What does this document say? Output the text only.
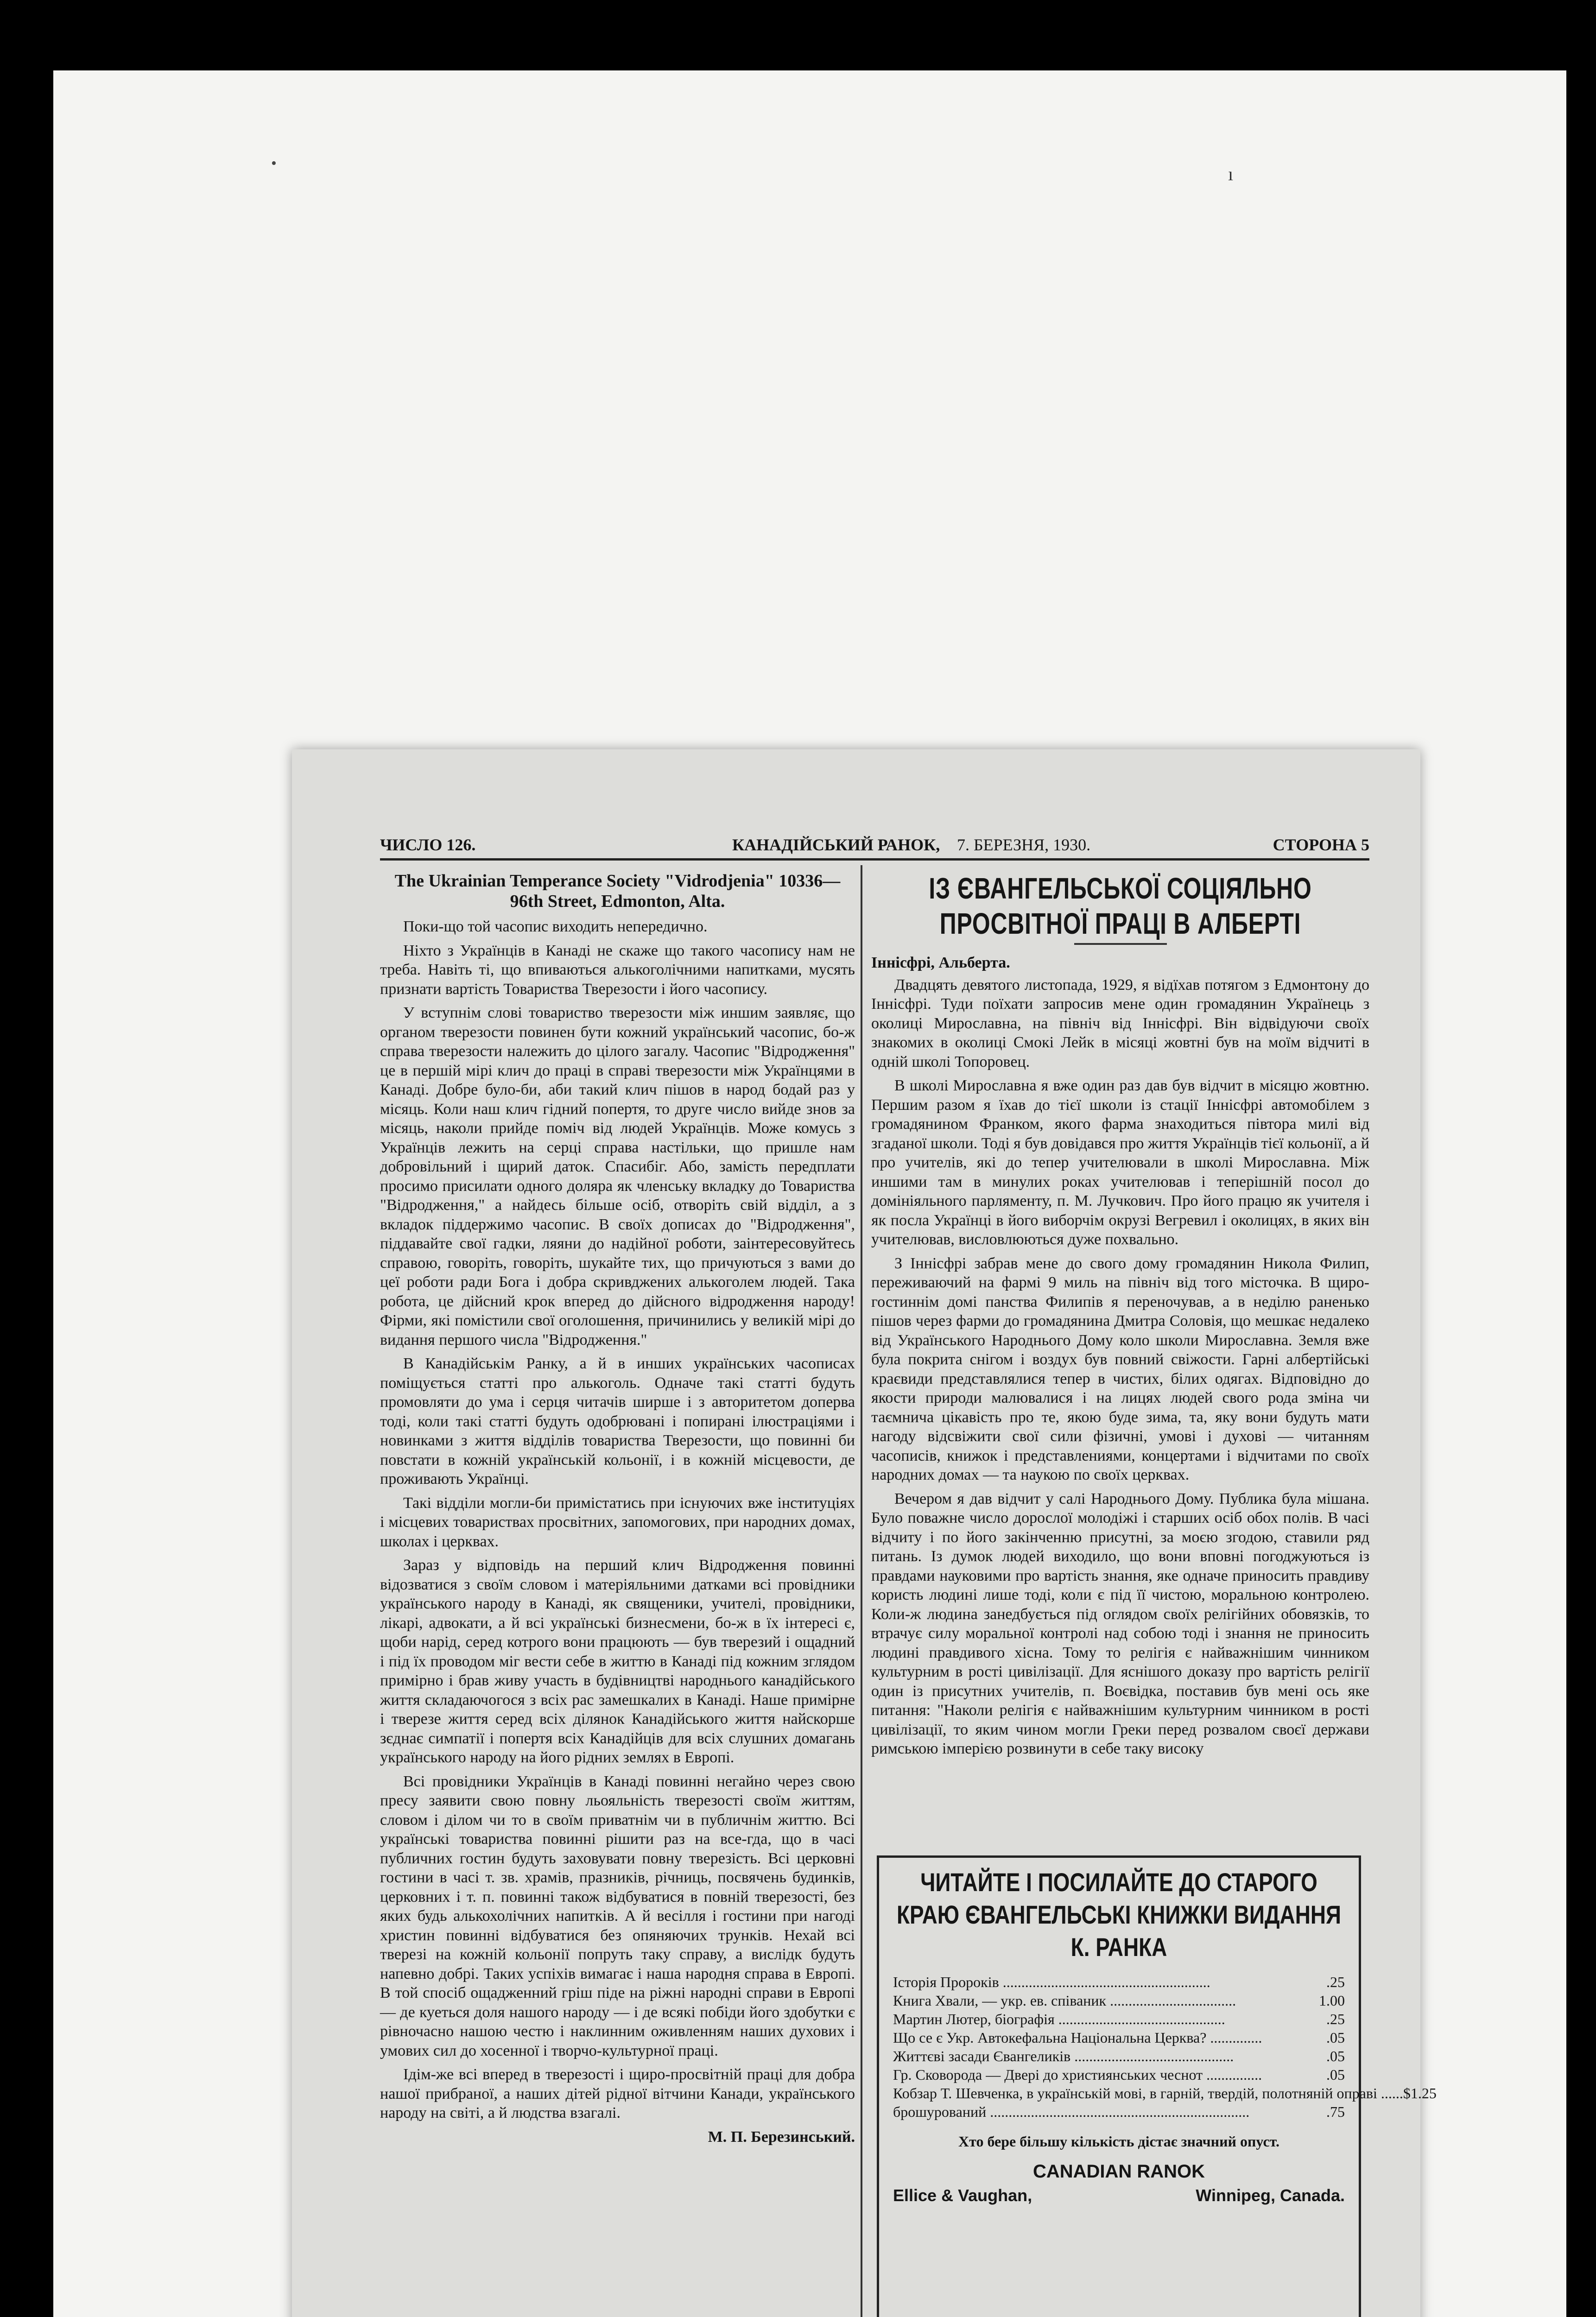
•
ı
ЧИСЛО 126.	КАНАДІЙСЬКИЙ РАНОК, 7. БЕРЕЗНЯ, 1930.	СТОРОНА 5
The Ukrainian Temperance Society "Vidrodjenia" 10336—96th Street, Edmonton, Alta.

Поки-що той часопис виходить непередично.

Ніхто з Українців в Канаді не скаже що такого часопису нам не треба. Навіть ті, що впиваються алькоголічними напитками, мусять признати вартість Товариства Тверезости і його часопису.

У вступнім слові товариство тверезости між иншим заявляє, що органом тверезости повинен бути кожний український часопис, бо-ж справа тверезости належить до цілого загалу. Часопис "Відродження" це в першій мірі клич до праці в справі тверезости між Українцями в Канаді. Добре було-би, аби такий клич пішов в народ бодай раз у місяць. Коли наш клич гідний попертя, то друге число вийде знов за місяць, наколи прийде поміч від людей Українців. Може комусь з Українців лежить на серці справа настільки, що пришле нам добровільний і щирий даток. Спасибіг. Або, замість передплати просимо присилати одного доляра як членську вкладку до Товариства "Відродження," а найдесь більше осіб, отворіть свій відділ, а з вкладок піддержимо часопис. В своїх дописах до "Відродження", піддавайте свої гадки, ляяни до надійної роботи, заінтересовуйтесь справою, говоріть, говоріть, шукайте тих, що причуються з вами до цеї роботи ради Бога і добра скривджених алькоголем людей. Така робота, це дійсний крок вперед до дійсного відродження народу! Фірми, які помістили свої оголошення, причинились у великій мірі до видання першого числа "Відродження."

В Канадійськім Ранку, а й в инших українських часописах поміщується статті про алькоголь. Одначе такі статті будуть промовляти до ума і серця читачів ширше і з авторитетом доперва тоді, коли такі статті будуть одобрювані і попирані ілюстраціями і новинками з життя відділів товариства Тверезости, що повинні би повстати в кожній українській кольонії, і в кожній місцевости, де проживають Українці.

Такі відділи могли-би примістатись при існуючих вже інституціях і місцевих товариствах просвітних, запомогових, при народних домах, школах і церквах.

Зараз у відповідь на перший клич Відродження повинні відозватися з своїм словом і матеріяльними датками всі провідники українського народу в Канаді, як священики, учителі, провідники, лікарі, адвокати, а й всі українські бизнесмени, бо-ж в їх інтересі є, щоби нарід, серед котрого вони працюють — був тверезий і ощадний і під їх проводом міг вести себе в життю в Канаді під кожним зглядом примірно і брав живу участь в будівництві народнього канадійського життя складаючогося з всіх рас замешкалих в Канаді. Наше приміpне і тверезе життя серед всіх ділянок Канадійського життя найскорше зєднає симпатії і попертя всіх Канадійців для всіх слушних домагань українського народу на його рідних землях в Европі.

Всі провідники Українців в Канаді повинні негайно через свою пресу заявити свою повну льояльність тверезості своїм життям, словом і ділом чи то в своїм приватнім чи в публичнім життю. Всі українські товариства повинні рішити раз на все-гда, що в часі публичних гостин будуть заховувати повну тверезість. Всі церковні гостини в часі т. зв. храмів, празників, річниць, посвячень будинків, церковних і т. п. повинні також відбуватися в повній тверезості, без яких будь алькохолічних напитків. А й весілля і гостини при нагоді христин повинні відбуватися без опяняючих трунків. Нехай всі тверезі на кожній кольонії попруть таку справу, а вислідк будуть напевно добрі. Таких успіхів вимагає і наша народня справа в Европі. В той спосіб ощадженний гріш піде на ріжні народні справи в Европі — де куеться доля нашого народу — і де всякі побіди його здобутки є рівночасно нашою честю і наклинним оживленням наших духових і умових сил до хосенної і творчо-культурної праці.

Ідім-же всі вперед в тверезості і щиро-просвітній праці для добра нашої прибраної, а наших дітей рідної вітчини Канади, українського народу на світі, а й людства взагалі.

М. П. Березинський.
ІЗ ЄВАНГЕЛЬСЬКОЇ СОЦІЯЛЬНО ПРОСВІТНОЇ ПРАЦІ В АЛБЕРТІ
Іннісфрі, Альберта.

Двадцять девятого листопада, 1929, я відїхав потягом з Едмонтону до Іннісфрі. Туди поїхати запросив мене один громадянин Українець з околиці Мирославна, на північ від Іннісфрі. Він відвідуючи своїх знакомих в околиці Смокі Лейк в місяці жовтні був на моїм відчиті в одній школі Топоровец.

В школі Мирославна я вже один раз дав був відчит в місяцю жовтню. Першим разом я їхав до тієї школи із стації Іннісфрі автомобілем з громадянином Франком, якого фарма знаходиться півтора милі від згаданої школи. Тоді я був довідався про життя Українців тієї кольонії, а й про учителів, які до тепер учителювали в школі Мирославна. Між иншими там в минулих роках учителював і теперішній посол до домініяльного парляменту, п. М. Лучкович. Про його працю як учителя і як посла Українці в його виборчім окрузі Вегревил і околицях, в яких він учителював, висловлюються дуже похвально.

З Іннісфрі забрав мене до свого дому громадянин Никола Филип, переживаючий на фармі 9 миль на північ від того місточка. В щиро-гостиннім домі панства Филипів я переночував, а в неділю раненько пішов через фарми до громадянина Дмитра Соловія, що мешкає недалеко від Українського Народнього Дому коло школи Мирославна. Земля вже була покрита снігом і воздух був повний свіжости. Гарні албертійські краєвиди представлялися тепер в чистих, білих одягах. Відповідно до якости природи малювалися і на лицях людей свого рода зміна чи таємнича цікавість про те, якою буде зима, та, яку вони будуть мати нагоду відсвіжити свої сили фізичні, умові і духові — читанням часописів, книжок і представлениями, концертами і відчитами по своїх народних домах — та наукою по своїх церквах.

Вечером я дав відчит у салі Народнього Дому. Публика була мішана. Було поважне число дорослої молодіжі і старших осіб обох полів. В часі відчиту і по його закінченню присутні, за моєю згодою, ставили ряд питань. Із думок людей виходило, що вони вповні погоджуються із правдами науковими про вартість знання, яке одначе приносить правдиву користь людині лише тоді, коли є під її чистою, моральною контролею. Коли-ж людина занедбується під оглядом своїх релігійних обовязків, то втрачує силу моральної контролі над собою тоді і знання не приносить людині правдивого хісна. Тому то релігія є найважнішим чинником культурним в рості цивілізації. Для яснішого доказу про вартість релігії один із присутних учителів, п. Воєвідка, поставив був мені ось яке питання: "Наколи релігія є найважнішим культурним чинником в рості цивілізації, то яким чином могли Греки перед розвалом своєї держави римською імперією розвинути в себе таку високу

ЧИТАЙТЕ І ПОСИЛАЙТЕ ДО СТАРОГО КРАЮ ЄВАНГЕЛЬСЬКІ КНИЖКИ ВИДАННЯ К. РАНКА
Історія Пророків ........................................................	.25
Книга Хвали, — укр. ев. співаник ..................................	1.00
Мартин Лютер, біографія .............................................	.25
Що се є Укр. Автокефальна Національна Церква? ..............	.05
Життєві засади Євангеликів ...........................................	.05
Гр. Сковорода — Двері до християнських чеснот ...............	.05
Кобзар Т. Шевченка, в українській мові, в гарній, твердій, полотняній оправі ...... $1.25
брошурований ......................................................................	.75
Хто бере більшу кількість дістає значний опуст.
CANADIAN RANOK
Ellice & Vaughan,	Winnipeg, Canada.
